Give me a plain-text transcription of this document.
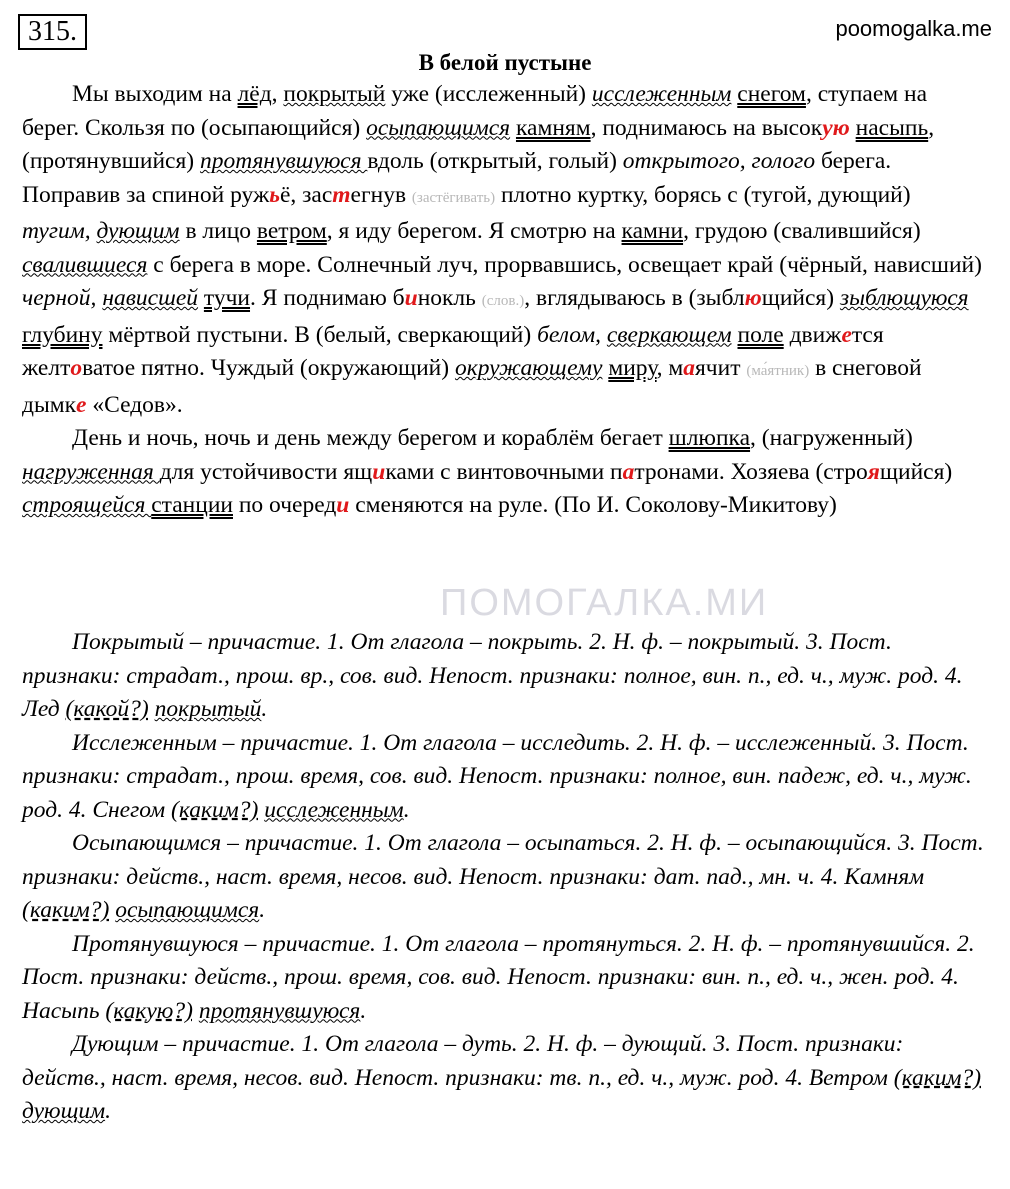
315.	poomogalka.me
В белой пустыне

Мы выходим на лёд, покрытый уже (исслеженный) исслеженным снегом, ступаем на берег. Скользя по (осыпающийся) осыпающимся камням, поднимаюсь на высокую насыпь, (протянувшийся) протянувшуюся вдоль (открытый, голый) открытого, голого берега. Поправив за спиной ружьё, застегнув (застёгивать) плотно куртку, борясь с (тугой, дующий) тугим, дующим в лицо ветром, я иду берегом. Я смотрю на камни, грудою (свалившийся) свалившиеся с берега в море. Солнечный луч, прорвавшись, освещает край (чёрный, нависший) черной, нависшей тучи. Я поднимаю бинокль (слов.), вглядываюсь в (зыблющийся) зыблющуюся глубину мёртвой пустыни. В (белый, сверкающий) белом, сверкающем поле движется желтоватое пятно. Чуждый (окружающий) окружающему миру, маячит (ма́ятник) в снеговой дымке «Седов».

День и ночь, ночь и день между берегом и кораблём бегает шлюпка, (нагруженный) нагруженная для устойчивости ящиками с винтовочными патронами. Хозяева (строящийся) строящейся станции по очереди сменяются на руле. (По И. Соколову-Микитову)

Покрытый – причастие. 1. От глагола – покрыть. 2. Н. ф. – покрытый. 3. Пост. признаки: страдат., прош. вр., сов. вид. Непост. признаки: полное, вин. п., ед. ч., муж. род. 4. Лед (какой?) покрытый.

Исслеженным – причастие. 1. От глагола – исследить. 2. Н. ф. – исслеженный. 3. Пост. признаки: страдат., прош. время, сов. вид. Непост. признаки: полное, вин. падеж, ед. ч., муж. род. 4. Снегом (каким?) исслеженным.

Осыпающимся – причастие. 1. От глагола – осыпаться. 2. Н. ф. – осыпающийся. 3. Пост. признаки: действ., наст. время, несов. вид. Непост. признаки: дат. пад., мн. ч. 4. Камням (каким?) осыпающимся.

Протянувшуюся – причастие. 1. От глагола – протянуться. 2. Н. ф. – протянувшийся. 2. Пост. признаки: действ., прош. время, сов. вид. Непост. признаки: вин. п., ед. ч., жен. род. 4. Насыпь (какую?) протянувшуюся.

Дующим – причастие. 1. От глагола – дуть. 2. Н. ф. – дующий. 3. Пост. признаки: действ., наст. время, несов. вид. Непост. признаки: тв. п., ед. ч., муж. род. 4. Ветром (каким?) дующим.

ПОМОГАЛКА.МИ
